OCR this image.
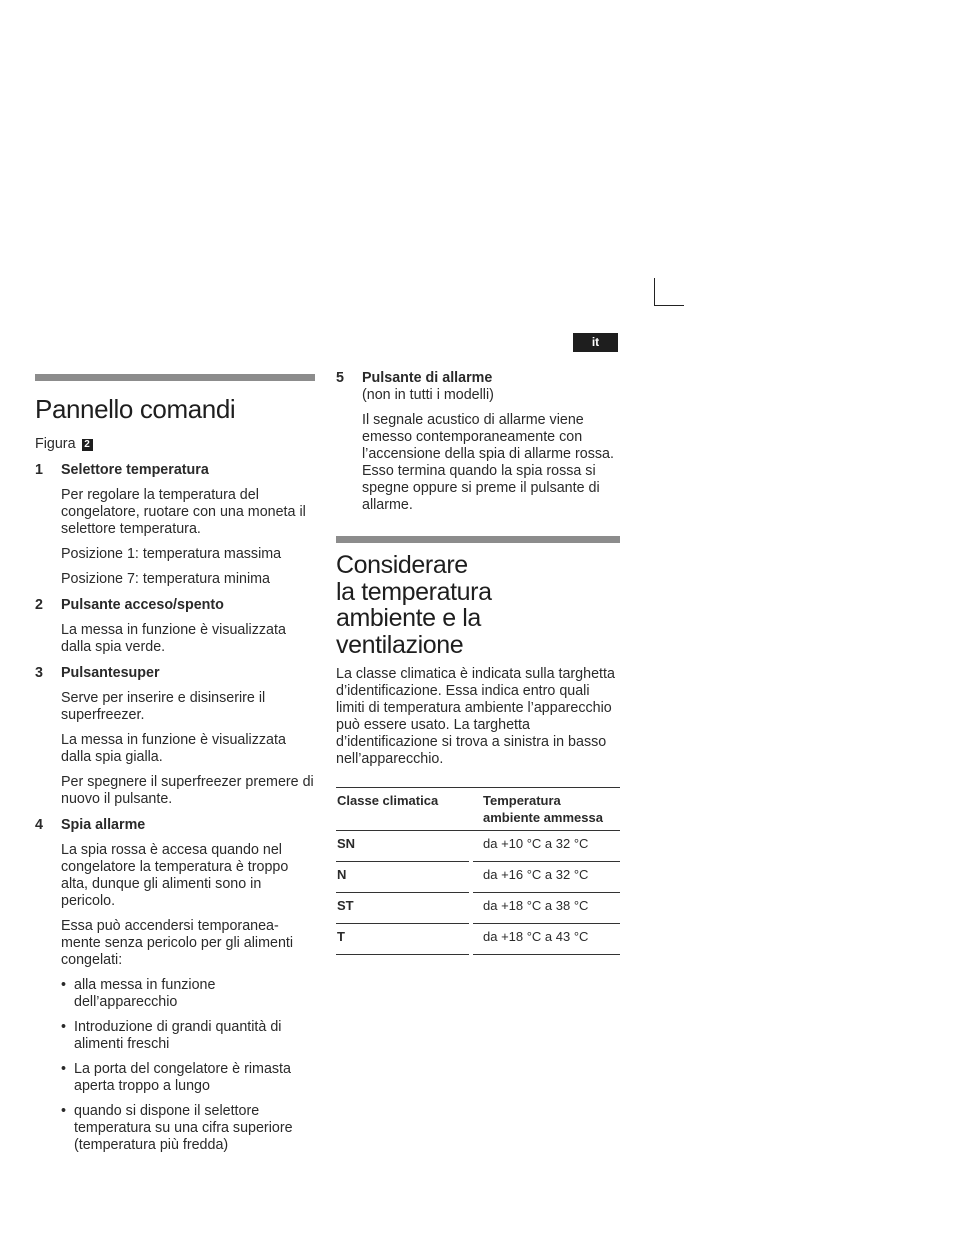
it
Pannello comandi
Figura 2
1	Selettore temperatura
Per regolare la temperatura del congelatore, ruotare con una moneta il selettore temperatura.
Posizione 1: temperatura massima
Posizione 7: temperatura minima
2	Pulsante acceso/spento
La messa in funzione è visualizzata dalla spia verde.
3	Pulsantesuper
Serve per inserire e disinserire il superfreezer.
La messa in funzione è visualizzata dalla spia gialla.
Per spegnere il superfreezer premere di nuovo il pulsante.
4	Spia allarme
La spia rossa è accesa quando nel congelatore la temperatura è troppo alta, dunque gli alimenti sono in pericolo.
Essa può accendersi temporanea-mente senza pericolo per gli alimenti congelati:
• alla messa in funzione dell’apparecchio
• Introduzione di grandi quantità di alimenti freschi
• La porta del congelatore è rimasta aperta troppo a lungo
• quando si dispone il selettore temperatura su una cifra superiore (temperatura più fredda)
5	Pulsante di allarme
(non in tutti i modelli)
Il segnale acustico di allarme viene emesso contemporaneamente con l’accensione della spia di allarme rossa. Esso termina quando la spia rossa si spegne oppure si preme il pulsante di allarme.
Considerare
la temperatura
ambiente e la
ventilazione
La classe climatica è indicata sulla targhetta d’identificazione. Essa indica entro quali limiti di temperatura ambiente l’apparecchio può essere usato. La targhetta d’identificazione si trova a sinistra in basso nell’apparecchio.
Classe climatica		Temperatura
ambiente ammessa

SN		da +10 °C a 32 °C
N		da +16 °C a 32 °C
ST		da +18 °C a 38 °C
T		da +18 °C a 43 °C
